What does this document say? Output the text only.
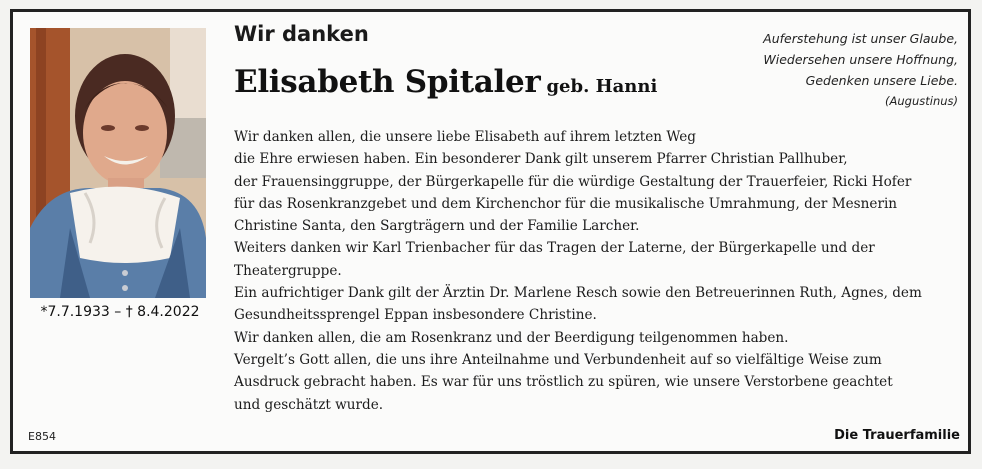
*7.7.1933 – † 8.4.2022
E854
Wir danken
Elisabeth Spitaler geb. Hanni
Auferstehung ist unser Glaube,
Wiedersehen unsere Hoffnung,
Gedenken unsere Liebe.
(Augustinus)
Wir danken allen, die unsere liebe Elisabeth auf ihrem letzten Weg
die Ehre erwiesen haben. Ein besonderer Dank gilt unserem Pfarrer Christian Pallhuber,
der Frauensinggruppe, der Bürgerkapelle für die würdige Gestaltung der Trauerfeier, Ricki Hofer
für das Rosenkranzgebet und dem Kirchenchor für die musikalische Umrahmung, der Mesnerin
Christine Santa, den Sargträgern und der Familie Larcher.
Weiters danken wir Karl Trienbacher für das Tragen der Laterne, der Bürgerkapelle und der
Theatergruppe.
Ein aufrichtiger Dank gilt der Ärztin Dr. Marlene Resch sowie den Betreuerinnen Ruth, Agnes, dem
Gesundheitssprengel Eppan insbesondere Christine.
Wir danken allen, die am Rosenkranz und der Beerdigung teilgenommen haben.
Vergelt’s Gott allen, die uns ihre Anteilnahme und Verbundenheit auf so vielfältige Weise zum
Ausdruck gebracht haben. Es war für uns tröstlich zu spüren, wie unsere Verstorbene geachtet
und geschätzt wurde.
Die Trauerfamilie
